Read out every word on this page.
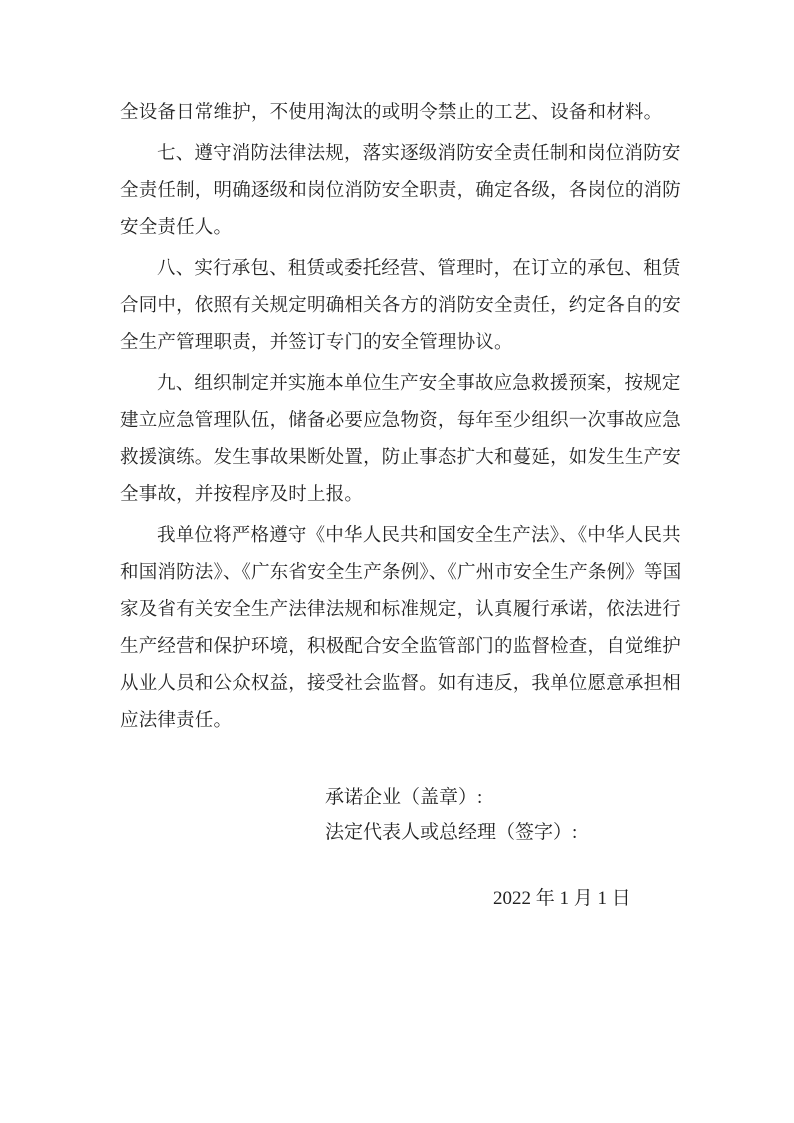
全设备日常维护，不使用淘汰的或明令禁止的工艺、设备和材料。
七、遵守消防法律法规，落实逐级消防安全责任制和岗位消防安
全责任制，明确逐级和岗位消防安全职责，确定各级，各岗位的消防
安全责任人。
八、实行承包、租赁或委托经营、管理时，在订立的承包、租赁
合同中，依照有关规定明确相关各方的消防安全责任，约定各自的安
全生产管理职责，并签订专门的安全管理协议。
九、组织制定并实施本单位生产安全事故应急救援预案，按规定
建立应急管理队伍，储备必要应急物资，每年至少组织一次事故应急
救援演练。发生事故果断处置，防止事态扩大和蔓延，如发生生产安
全事故，并按程序及时上报。
我单位将严格遵守《中华人民共和国安全生产法》、《中华人民共
和国消防法》、《广东省安全生产条例》、《广州市安全生产条例》等国
家及省有关安全生产法律法规和标准规定，认真履行承诺，依法进行
生产经营和保护环境，积极配合安全监管部门的监督检查，自觉维护
从业人员和公众权益，接受社会监督。如有违反，我单位愿意承担相
应法律责任。
承诺企业（盖章）:
法定代表人或总经理（签字）:
2022 年 1 月 1 日
